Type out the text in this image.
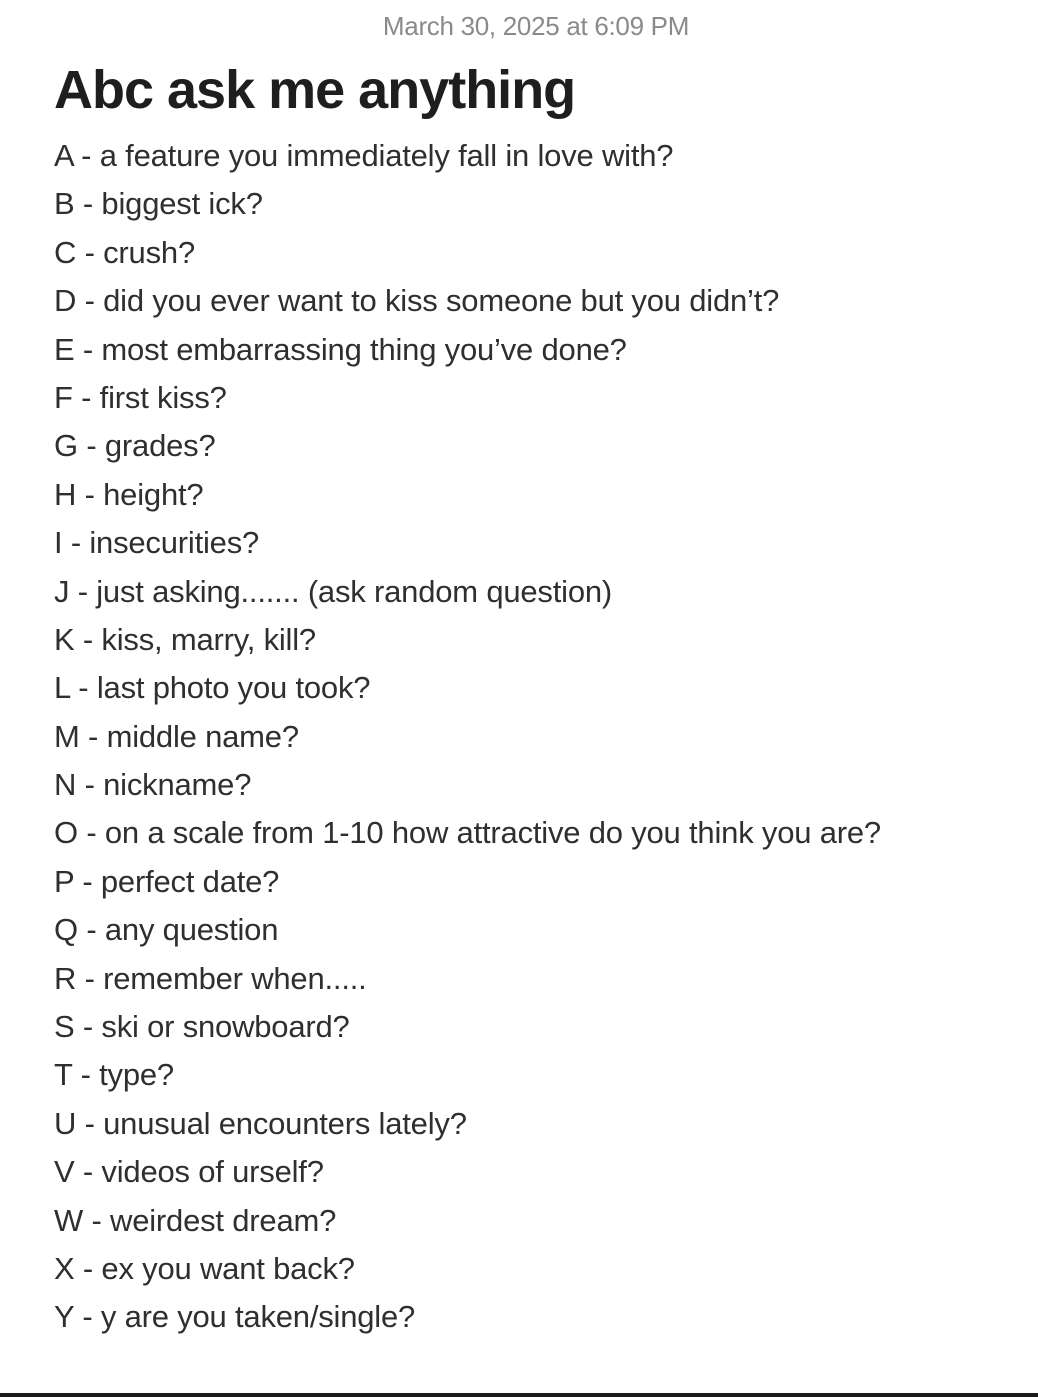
March 30, 2025 at 6:09 PM
Abc ask me anything
A - a feature you immediately fall in love with?
B - biggest ick?
C - crush?
D - did you ever want to kiss someone but you didn’t?
E - most embarrassing thing you’ve done?
F - first kiss?
G - grades?
H - height?
I - insecurities?
J - just asking....... (ask random question)
K - kiss, marry, kill?
L - last photo you took?
M - middle name?
N - nickname?
O - on a scale from 1-10 how attractive do you think you are?
P - perfect date?
Q - any question
R - remember when.....
S - ski or snowboard?
T - type?
U - unusual encounters lately?
V - videos of urself?
W - weirdest dream?
X - ex you want back?
Y - y are you taken/single?
